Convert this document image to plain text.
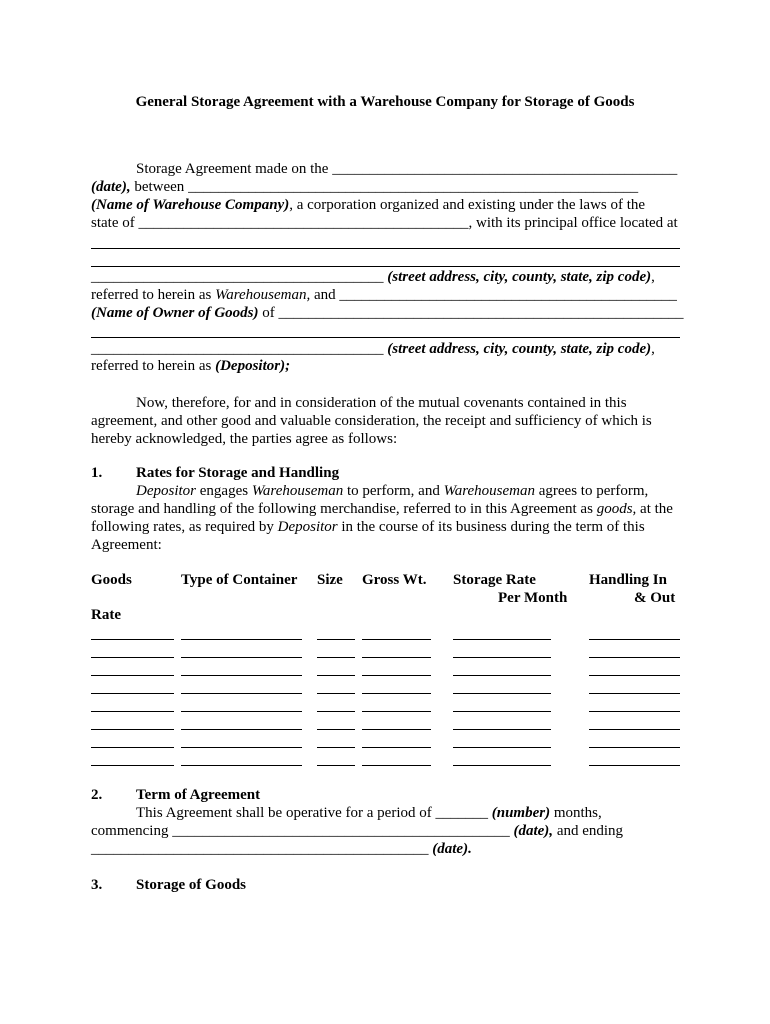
General Storage Agreement with a Warehouse Company for Storage of Goods
Storage Agreement made on the ______________________________________________
(date), between ____________________________________________________________
(Name of Warehouse Company), a corporation organized and existing under the laws of the
state of ____________________________________________, with its principal office located at
_______________________________________ (street address, city, county, state, zip code),
referred to herein as Warehouseman, and _____________________________________________
(Name of Owner of Goods) of ______________________________________________________
_______________________________________ (street address, city, county, state, zip code),
referred to herein as (Depositor);
Now, therefore, for and in consideration of the mutual covenants contained in this
agreement, and other good and valuable consideration, the receipt and sufficiency of which is
hereby acknowledged, the parties agree as follows:
1. Rates for Storage and Handling
Depositor engages Warehouseman to perform, and Warehouseman agrees to perform,
storage and handling of the following merchandise, referred to in this Agreement as goods, at the
following rates, as required by Depositor in the course of its business during the term of this
Agreement:
Goods	Type of Container Size Gross Wt. Storage Rate
Per Month
Handling In
& Out
Rate
2. Term of Agreement
This Agreement shall be operative for a period of _______ (number) months,
commencing _____________________________________________ (date), and ending
_____________________________________________ (date).
3. Storage of Goods
